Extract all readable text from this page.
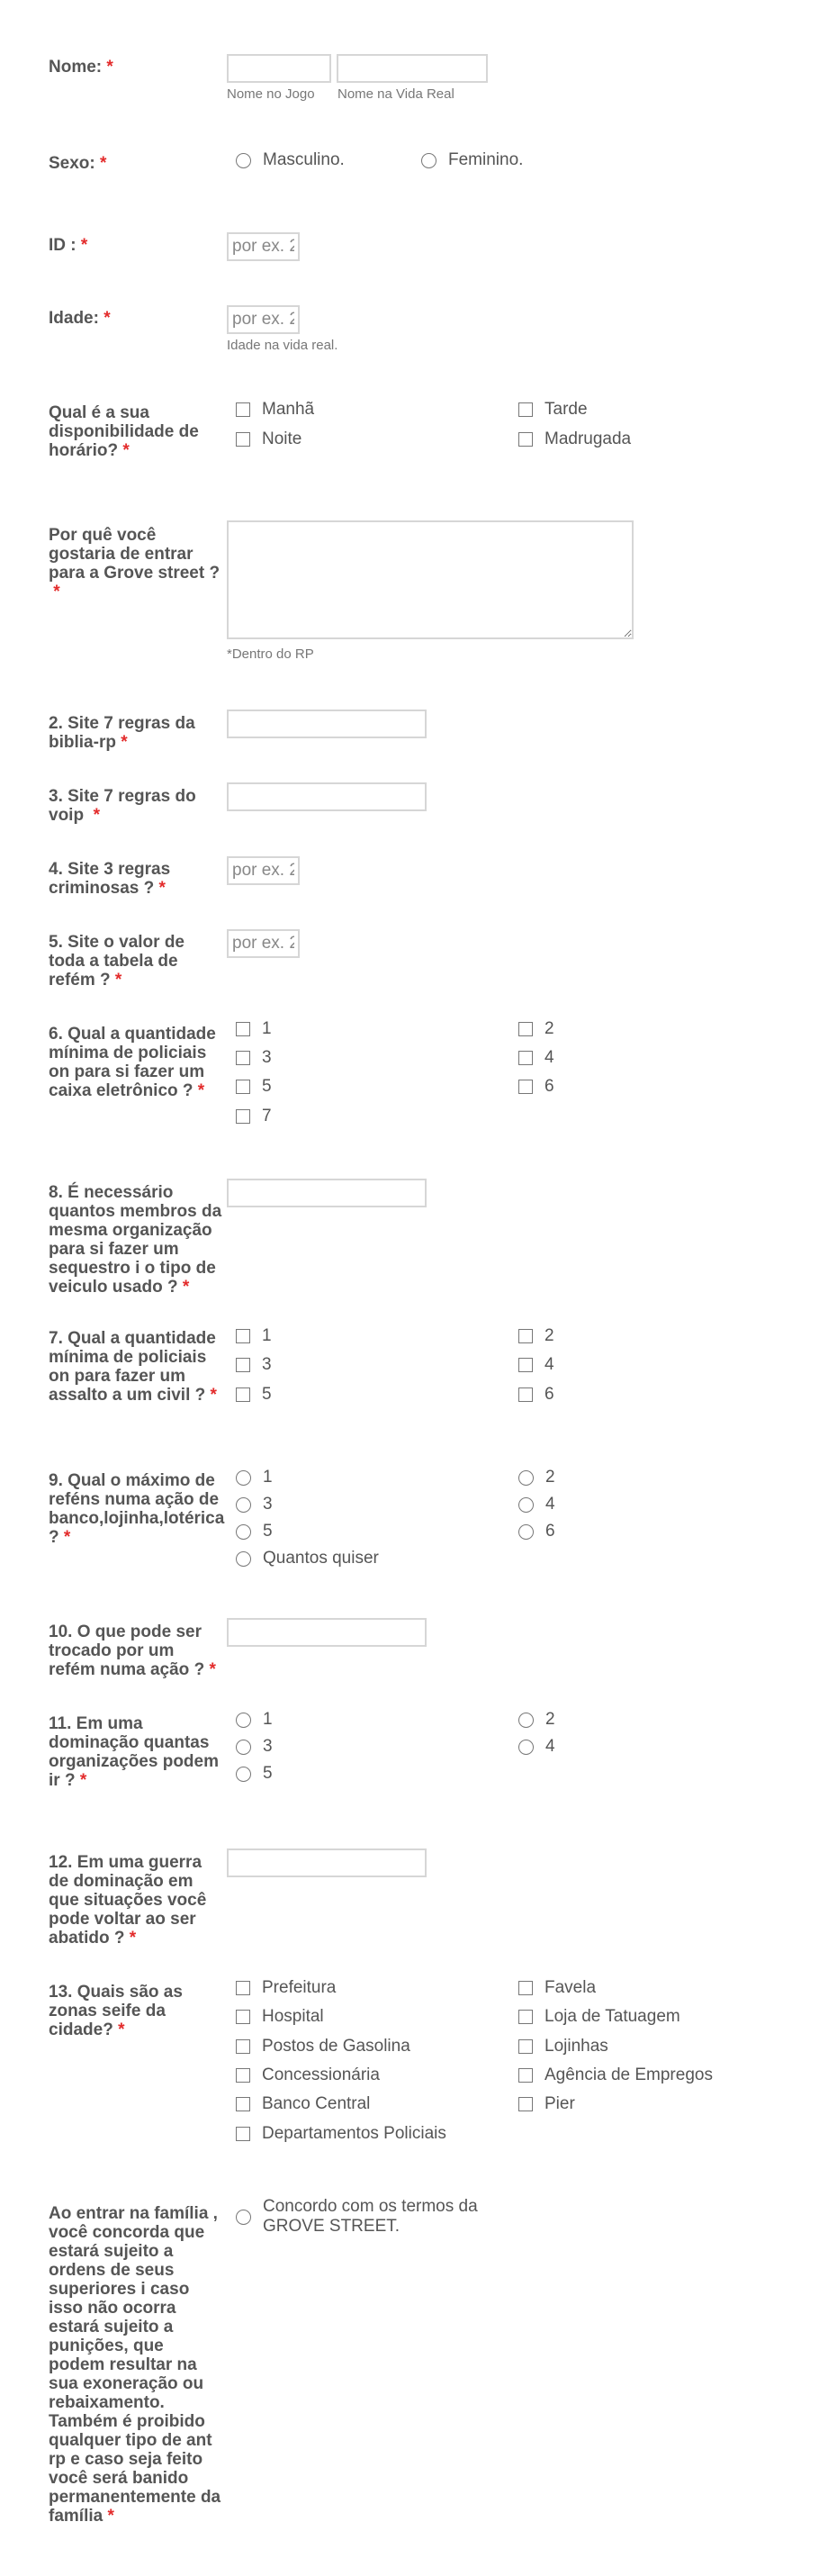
Nome: *
Nome no Jogo Nome na Vida Real
Sexo: *	Masculino.	Feminino.
ID : *
por ex. 23
Idade: *
por ex. 23
Idade na vida real.
Qual é a sua disponibilidade de horário? *
Manhã	Tarde
Noite	Madrugada
Por quê você gostaria de entrar para a Grove street ?
*
*Dentro do RP
2. Site 7 regras da biblia-rp *
3. Site 7 regras do voip *
4. Site 3 regras criminosas ? *
por ex. 23
5. Site o valor de toda a tabela de refém ? *
por ex. 23
6. Qual a quantidade mínima de policiais on para si fazer um caixa eletrônico ? *
1	2
3	4
5	6
7
8. É necessário quantos membros da mesma organização para si fazer um sequestro i o tipo de veiculo usado ? *
7. Qual a quantidade mínima de policiais on para fazer um assalto a um civil ? *
1	2
3	4
5	6
9. Qual o máximo de reféns numa ação de banco,lojinha,lotérica ? *
1	2
3	4
5	6
Quantos quiser
10. O que pode ser trocado por um refém numa ação ? *
11. Em uma dominação quantas organizações podem ir ? *
1	2
3	4
5
12. Em uma guerra de dominação em que situações você pode voltar ao ser abatido ? *
13. Quais são as zonas seife da cidade? *
Prefeitura	Favela
Hospital	Loja de Tatuagem
Postos de Gasolina	Lojinhas
Concessionária	Agência de Empregos
Banco Central	Pier
Departamentos Policiais
Ao entrar na família , você concorda que estará sujeito a ordens de seus superiores i caso isso não ocorra estará sujeito a punições, que podem resultar na sua exoneração ou rebaixamento. Também é proibido qualquer tipo de ant rp e caso seja feito você será banido permanentemente da família *
Concordo com os termos da GROVE STREET.
